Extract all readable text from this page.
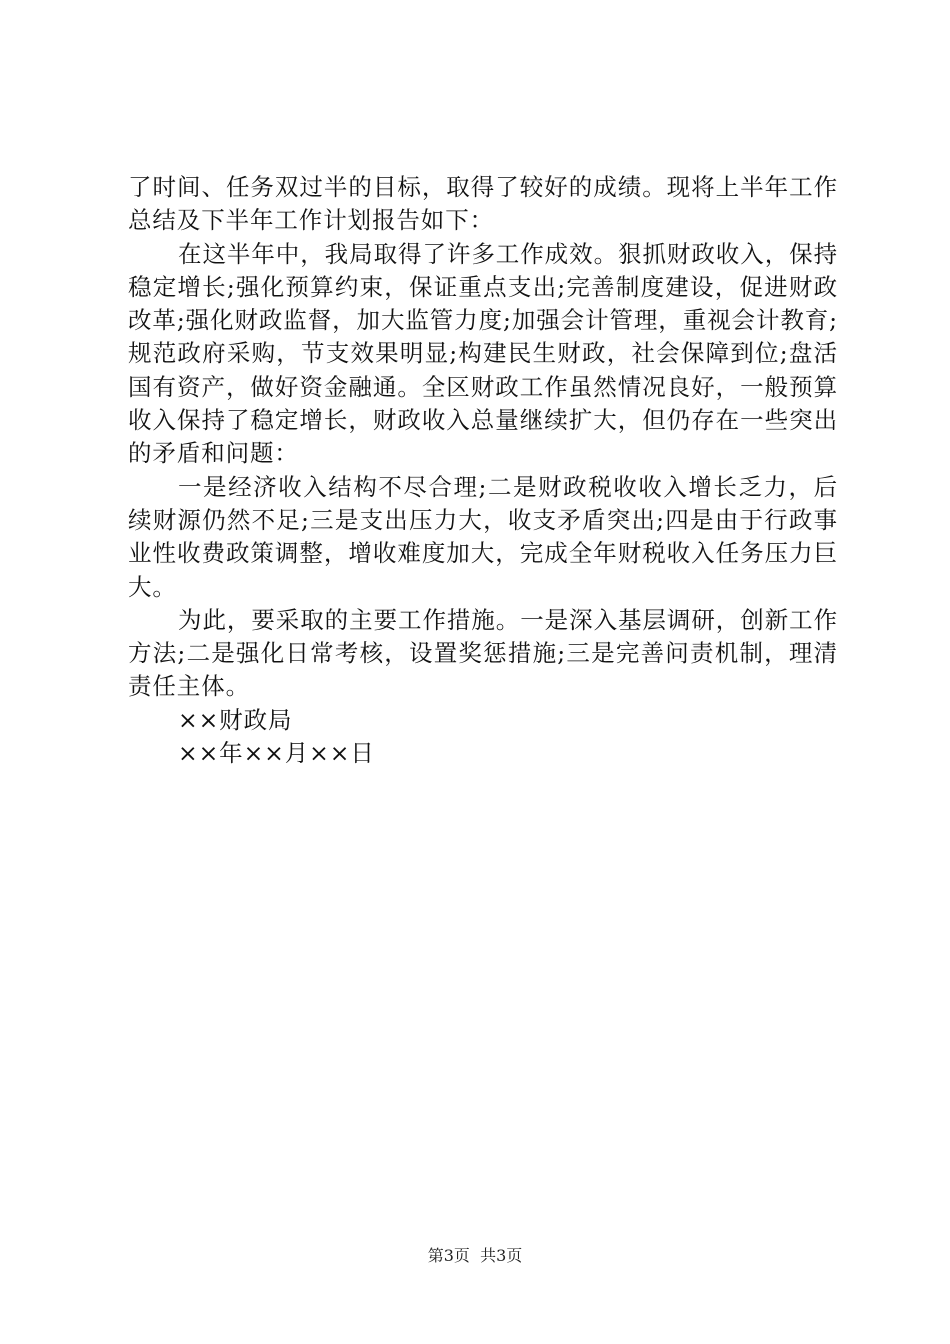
了时间、任务双过半的目标，取得了较好的成绩。现将上半年工作总结及下半年工作计划报告如下：

在这半年中，我局取得了许多工作成效。狠抓财政收入，保持稳定增长;强化预算约束，保证重点支出;完善制度建设，促进财政改革;强化财政监督，加大监管力度;加强会计管理，重视会计教育;规范政府采购，节支效果明显;构建民生财政，社会保障到位;盘活国有资产，做好资金融通。全区财政工作虽然情况良好，一般预算收入保持了稳定增长，财政收入总量继续扩大，但仍存在一些突出的矛盾和问题：

一是经济收入结构不尽合理;二是财政税收收入增长乏力，后续财源仍然不足;三是支出压力大，收支矛盾突出;四是由于行政事业性收费政策调整，增收难度加大，完成全年财税收入任务压力巨大。

为此，要采取的主要工作措施。一是深入基层调研，创新工作方法;二是强化日常考核，设置奖惩措施;三是完善问责机制，理清责任主体。

××财政局

××年××月××日

第3页  共3页
